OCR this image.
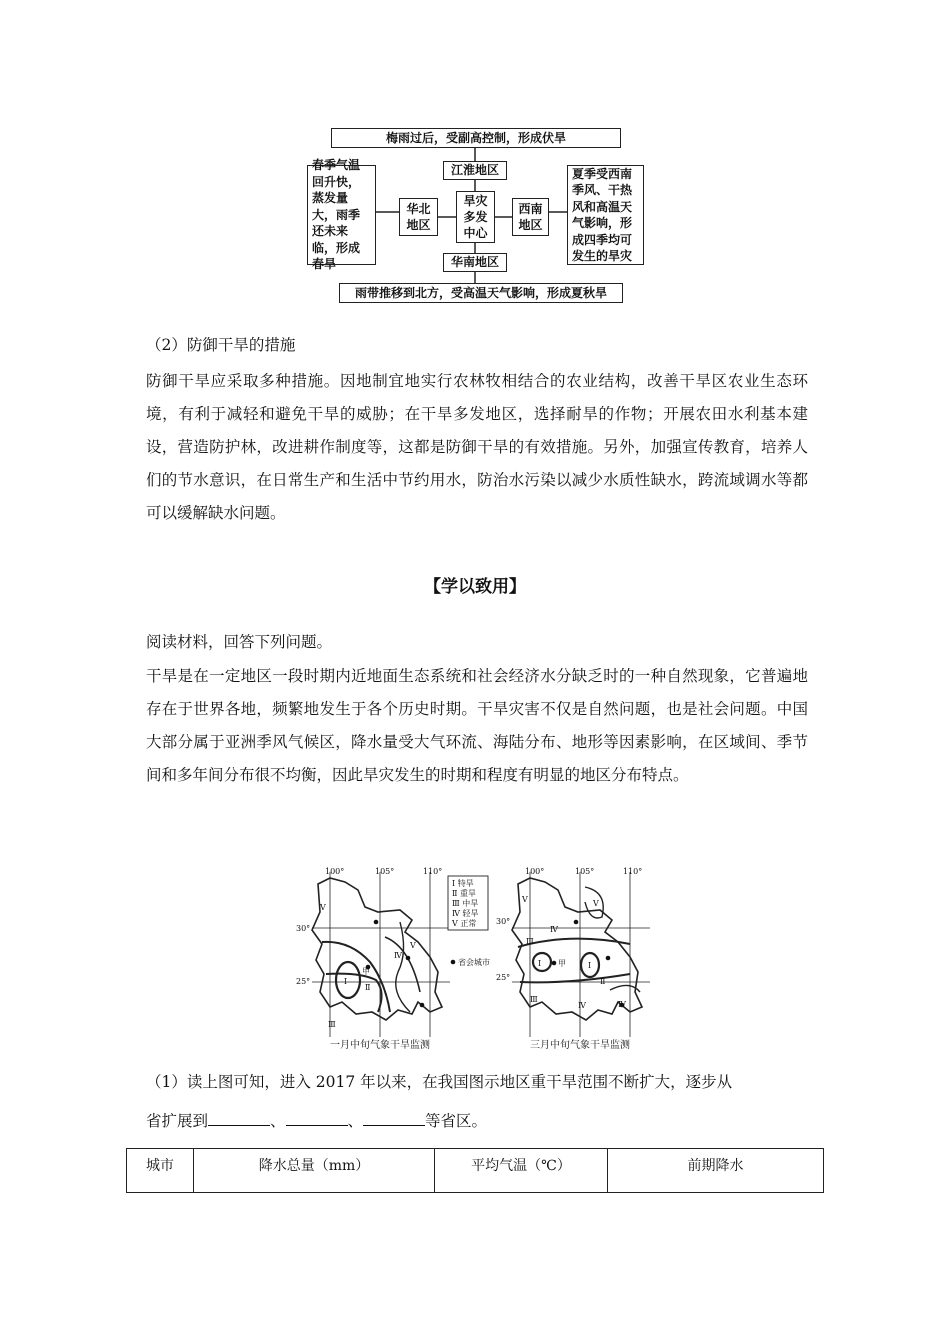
梅雨过后，受副高控制，形成伏旱
江淮地区
旱灾多发中心
华北地区
西南地区
华南地区
春季气温回升快，蒸发量大，雨季还未来临，形成春旱
夏季受西南季风、干热风和高温天气影响，形成四季均可发生的旱灾
雨带推移到北方，受高温天气影响，形成夏秋旱
（2）防御干旱的措施
防御干旱应采取多种措施。因地制宜地实行农林牧相结合的农业结构，改善干旱区农业生态环境，有利于减轻和避免干旱的威胁；在干旱多发地区，选择耐旱的作物；开展农田水利基本建设，营造防护林，改进耕作制度等，这都是防御干旱的有效措施。另外，加强宣传教育，培养人们的节水意识，在日常生产和生活中节约用水，防治水污染以减少水质性缺水，跨流域调水等都可以缓解缺水问题。
【学以致用】
阅读材料，回答下列问题。
干旱是在一定地区一段时期内近地面生态系统和社会经济水分缺乏时的一种自然现象，它普遍地存在于世界各地，频繁地发生于各个历史时期。干旱灾害不仅是自然问题，也是社会问题。中国大部分属于亚洲季风气候区，降水量受大气环流、海陆分布、地形等因素影响，在区域间、季节间和多年间分布很不均衡，因此旱灾发生的时期和程度有明显的地区分布特点。
100°	105°	110°
30°
25°	Ⅰ
甲
Ⅱ
Ⅲ
Ⅳ
Ⅴ
Ⅴ
Ⅰ 特旱
Ⅱ 重旱
Ⅲ 中旱
Ⅳ 轻旱
Ⅴ 正常
省会城市
100°	105°	110°
30°
25°
Ⅰ	Ⅰ
甲
Ⅱ
Ⅲ
Ⅲ
Ⅳ
Ⅳ	Ⅳ
Ⅴ
Ⅴ
一月中旬气象干旱监测	三月中旬气象干旱监测
（1）读上图可知，进入 2017 年以来，在我国图示地区重干旱范围不断扩大，逐步从
省扩展到	、	、	等省区。
城市	降水总量（mm）	平均气温（℃）	前期降水
